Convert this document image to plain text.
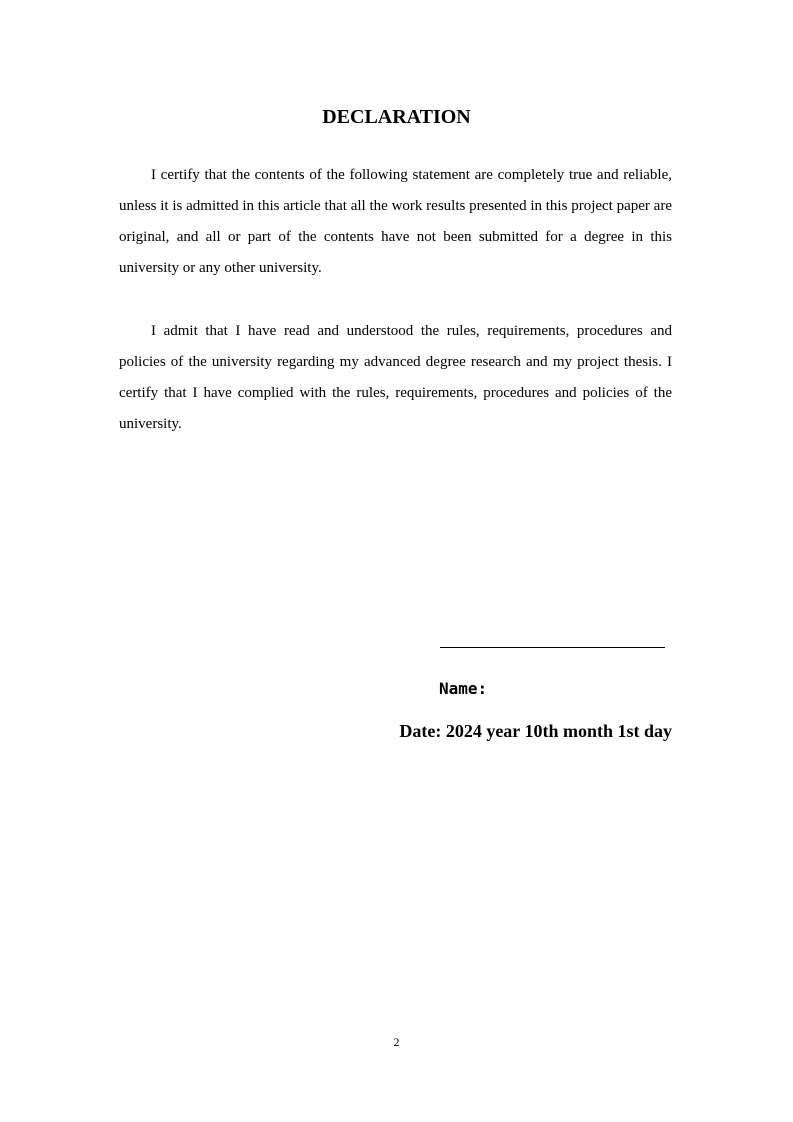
DECLARATION

I certify that the contents of the following statement are completely true and reliable, unless it is admitted in this article that all the work results presented in this project paper are original, and all or part of the contents have not been submitted for a degree in this university or any other university.

I admit that I have read and understood the rules, requirements, procedures and policies of the university regarding my advanced degree research and my project thesis. I certify that I have complied with the rules, requirements, procedures and policies of the university.

Name:

Date: 2024 year 10th month 1st day

2
